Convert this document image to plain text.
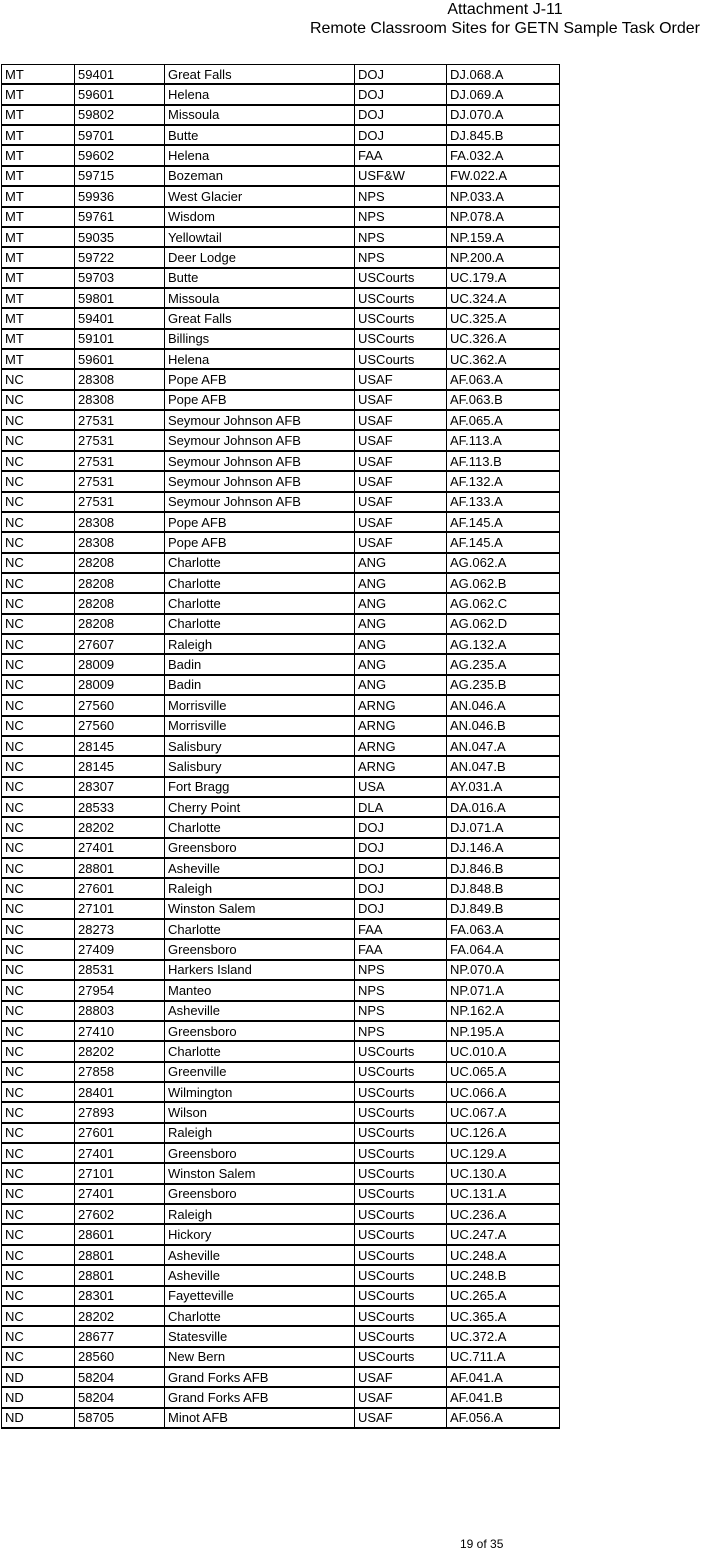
Attachment J-11
Remote Classroom Sites for GETN Sample Task Order
MT	59401	Great Falls	DOJ	DJ.068.A
MT	59601	Helena	DOJ	DJ.069.A
MT	59802	Missoula	DOJ	DJ.070.A
MT	59701	Butte	DOJ	DJ.845.B
MT	59602	Helena	FAA	FA.032.A
MT	59715	Bozeman	USF&W	FW.022.A
MT	59936	West Glacier	NPS	NP.033.A
MT	59761	Wisdom	NPS	NP.078.A
MT	59035	Yellowtail	NPS	NP.159.A
MT	59722	Deer Lodge	NPS	NP.200.A
MT	59703	Butte	USCourts	UC.179.A
MT	59801	Missoula	USCourts	UC.324.A
MT	59401	Great Falls	USCourts	UC.325.A
MT	59101	Billings	USCourts	UC.326.A
MT	59601	Helena	USCourts	UC.362.A
NC	28308	Pope AFB	USAF	AF.063.A
NC	28308	Pope AFB	USAF	AF.063.B
NC	27531	Seymour Johnson AFB	USAF	AF.065.A
NC	27531	Seymour Johnson AFB	USAF	AF.113.A
NC	27531	Seymour Johnson AFB	USAF	AF.113.B
NC	27531	Seymour Johnson AFB	USAF	AF.132.A
NC	27531	Seymour Johnson AFB	USAF	AF.133.A
NC	28308	Pope AFB	USAF	AF.145.A
NC	28308	Pope AFB	USAF	AF.145.A
NC	28208	Charlotte	ANG	AG.062.A
NC	28208	Charlotte	ANG	AG.062.B
NC	28208	Charlotte	ANG	AG.062.C
NC	28208	Charlotte	ANG	AG.062.D
NC	27607	Raleigh	ANG	AG.132.A
NC	28009	Badin	ANG	AG.235.A
NC	28009	Badin	ANG	AG.235.B
NC	27560	Morrisville	ARNG	AN.046.A
NC	27560	Morrisville	ARNG	AN.046.B
NC	28145	Salisbury	ARNG	AN.047.A
NC	28145	Salisbury	ARNG	AN.047.B
NC	28307	Fort Bragg	USA	AY.031.A
NC	28533	Cherry Point	DLA	DA.016.A
NC	28202	Charlotte	DOJ	DJ.071.A
NC	27401	Greensboro	DOJ	DJ.146.A
NC	28801	Asheville	DOJ	DJ.846.B
NC	27601	Raleigh	DOJ	DJ.848.B
NC	27101	Winston Salem	DOJ	DJ.849.B
NC	28273	Charlotte	FAA	FA.063.A
NC	27409	Greensboro	FAA	FA.064.A
NC	28531	Harkers Island	NPS	NP.070.A
NC	27954	Manteo	NPS	NP.071.A
NC	28803	Asheville	NPS	NP.162.A
NC	27410	Greensboro	NPS	NP.195.A
NC	28202	Charlotte	USCourts	UC.010.A
NC	27858	Greenville	USCourts	UC.065.A
NC	28401	Wilmington	USCourts	UC.066.A
NC	27893	Wilson	USCourts	UC.067.A
NC	27601	Raleigh	USCourts	UC.126.A
NC	27401	Greensboro	USCourts	UC.129.A
NC	27101	Winston Salem	USCourts	UC.130.A
NC	27401	Greensboro	USCourts	UC.131.A
NC	27602	Raleigh	USCourts	UC.236.A
NC	28601	Hickory	USCourts	UC.247.A
NC	28801	Asheville	USCourts	UC.248.A
NC	28801	Asheville	USCourts	UC.248.B
NC	28301	Fayetteville	USCourts	UC.265.A
NC	28202	Charlotte	USCourts	UC.365.A
NC	28677	Statesville	USCourts	UC.372.A
NC	28560	New Bern	USCourts	UC.711.A
ND	58204	Grand Forks AFB	USAF	AF.041.A
ND	58204	Grand Forks AFB	USAF	AF.041.B
ND	58705	Minot AFB	USAF	AF.056.A
19 of 35
